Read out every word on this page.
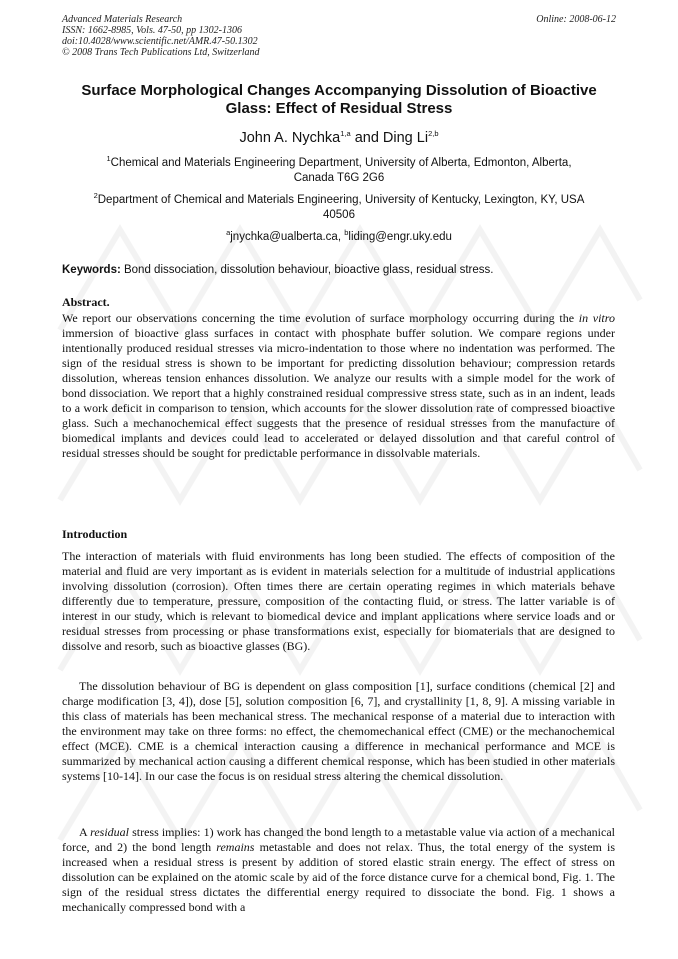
Advanced Materials Research
ISSN: 1662-8985, Vols. 47-50, pp 1302-1306
doi:10.4028/www.scientific.net/AMR.47-50.1302
© 2008 Trans Tech Publications Ltd, Switzerland
Online: 2008-06-12
Surface Morphological Changes Accompanying Dissolution of Bioactive
Glass: Effect of Residual Stress
John A. Nychka$^{1,a}$ and Ding Li$^{2,b}$
$^1$Chemical and Materials Engineering Department, University of Alberta, Edmonton, Alberta,
Canada T6G 2G6
$^2$Department of Chemical and Materials Engineering, University of Kentucky, Lexington, KY, USA
40506
$^a$jnychka@ualberta.ca, $^b$liding@engr.uky.edu
Keywords: Bond dissociation, dissolution behaviour, bioactive glass, residual stress.
Abstract.
We report our observations concerning the time evolution of surface morphology occurring during the in vitro immersion of bioactive glass surfaces in contact with phosphate buffer solution. We compare regions under intentionally produced residual stresses via micro-indentation to those where no indentation was performed. The sign of the residual stress is shown to be important for predicting dissolution behaviour; compression retards dissolution, whereas tension enhances dissolution. We analyze our results with a simple model for the work of bond dissociation. We report that a highly constrained residual compressive stress state, such as in an indent, leads to a work deficit in comparison to tension, which accounts for the slower dissolution rate of compressed bioactive glass. Such a mechanochemical effect suggests that the presence of residual stresses from the manufacture of biomedical implants and devices could lead to accelerated or delayed dissolution and that careful control of residual stresses should be sought for predictable performance in dissolvable materials.
Introduction
The interaction of materials with fluid environments has long been studied. The effects of composition of the material and fluid are very important as is evident in materials selection for a multitude of industrial applications involving dissolution (corrosion). Often times there are certain operating regimes in which materials behave differently due to temperature, pressure, composition of the contacting fluid, or stress. The latter variable is of interest in our study, which is relevant to biomedical device and implant applications where service loads and or residual stresses from processing or phase transformations exist, especially for biomaterials that are designed to dissolve and resorb, such as bioactive glasses (BG).
The dissolution behaviour of BG is dependent on glass composition [1], surface conditions (chemical [2] and charge modification [3, 4]), dose [5], solution composition [6, 7], and crystallinity [1, 8, 9]. A missing variable in this class of materials has been mechanical stress. The mechanical response of a material due to interaction with the environment may take on three forms: no effect, the chemomechanical effect (CME) or the mechanochemical effect (MCE). CME is a chemical interaction causing a difference in mechanical performance and MCE is summarized by mechanical action causing a different chemical response, which has been studied in other materials systems [10-14]. In our case the focus is on residual stress altering the chemical dissolution.
A residual stress implies: 1) work has changed the bond length to a metastable value via action of a mechanical force, and 2) the bond length remains metastable and does not relax. Thus, the total energy of the system is increased when a residual stress is present by addition of stored elastic strain energy. The effect of stress on dissolution can be explained on the atomic scale by aid of the force distance curve for a chemical bond, Fig. 1. The sign of the residual stress dictates the differential energy required to dissociate the bond. Fig. 1 shows a mechanically compressed bond with a
